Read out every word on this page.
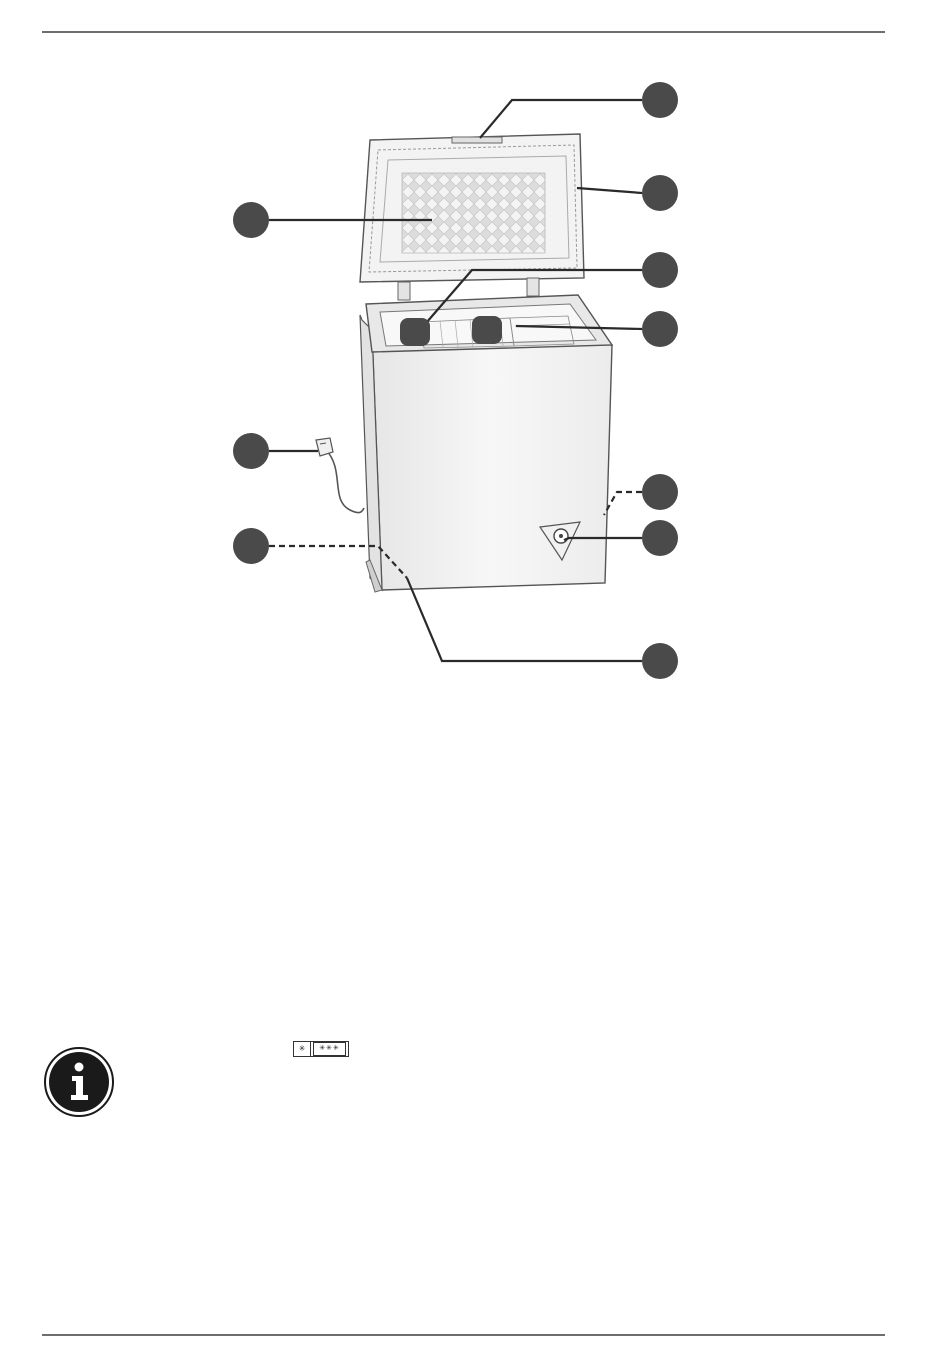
✳	✳✳✳
